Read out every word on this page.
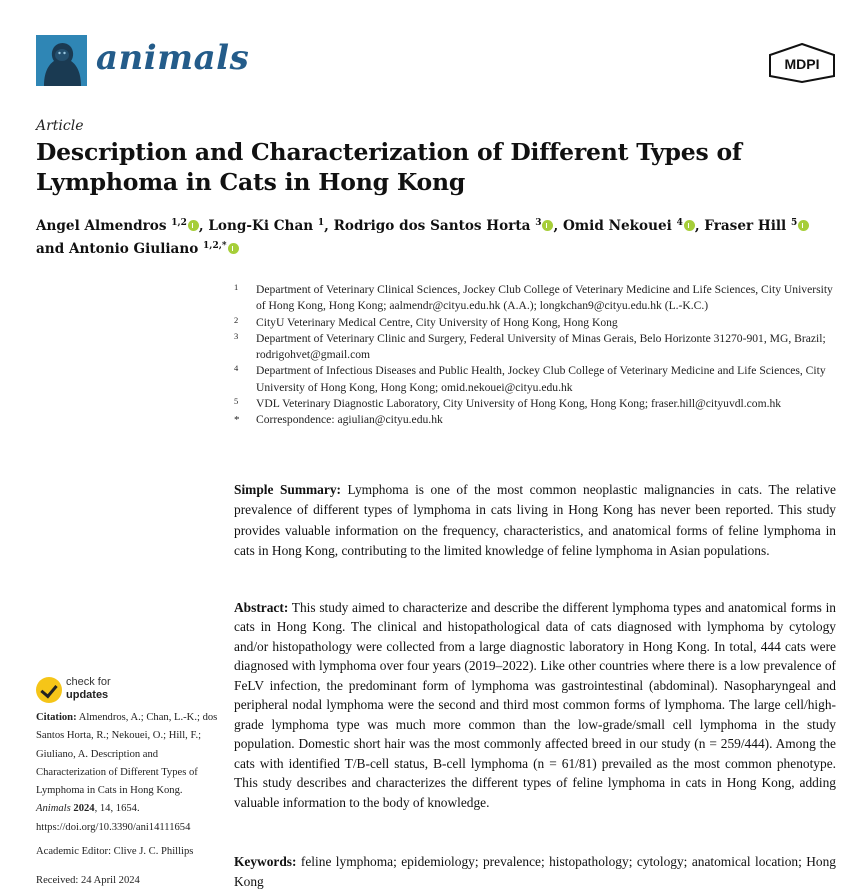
animals	MDPI
Article
Description and Characterization of Different Types of Lymphoma in Cats in Hong Kong
Angel Almendros $^{1,2}$ , Long-Ki Chan $^1$, Rodrigo dos Santos Horta $^3$ , Omid Nekouei $^4$ , Fraser Hill $^5$
and Antonio Giuliano $^{1,2,*}$
1 Department of Veterinary Clinical Sciences, Jockey Club College of Veterinary Medicine and Life Sciences, City University of Hong Kong, Hong Kong; aalmendr@cityu.edu.hk (A.A.); longkchan9@cityu.edu.hk (L.-K.C.)
2 CityU Veterinary Medical Centre, City University of Hong Kong, Hong Kong
3 Department of Veterinary Clinic and Surgery, Federal University of Minas Gerais, Belo Horizonte 31270-901, MG, Brazil; rodrigohvet@gmail.com
4 Department of Infectious Diseases and Public Health, Jockey Club College of Veterinary Medicine and Life Sciences, City University of Hong Kong, Hong Kong; omid.nekouei@cityu.edu.hk
5 VDL Veterinary Diagnostic Laboratory, City University of Hong Kong, Hong Kong; fraser.hill@cityuvdl.com.hk
* Correspondence: agiulian@cityu.edu.hk
Simple Summary: Lymphoma is one of the most common neoplastic malignancies in cats. The relative prevalence of different types of lymphoma in cats living in Hong Kong has never been reported. This study provides valuable information on the frequency, characteristics, and anatomical forms of feline lymphoma in cats in Hong Kong, contributing to the limited knowledge of feline lymphoma in Asian populations.
Abstract: This study aimed to characterize and describe the different lymphoma types and anatomical forms in cats in Hong Kong. The clinical and histopathological data of cats diagnosed with lymphoma by cytology and/or histopathology were collected from a large diagnostic laboratory in Hong Kong. In total, 444 cats were diagnosed with lymphoma over four years (2019–2022). Like other countries where there is a low prevalence of FeLV infection, the predominant form of lymphoma was gastrointestinal (abdominal). Nasopharyngeal and peripheral nodal lymphoma were the second and third most common forms of lymphoma. The large cell/high-grade lymphoma type was much more common than the low-grade/small cell lymphoma in the study population. Domestic short hair was the most commonly affected breed in our study (n = 259/444). Among the cats with identified T/B-cell status, B-cell lymphoma (n = 61/81) prevailed as the most common phenotype. This study describes and characterizes the different types of feline lymphoma in cats in Hong Kong, adding valuable information to the body of knowledge.
Keywords: feline lymphoma; epidemiology; prevalence; histopathology; cytology; anatomical location; Hong Kong
check for
updates
Citation: Almendros, A.; Chan, L.-K.; dos Santos Horta, R.; Nekouei, O.; Hill, F.; Giuliano, A. Description and Characterization of Different Types of Lymphoma in Cats in Hong Kong. Animals 2024, 14, 1654. https://doi.org/10.3390/ani14111654
Academic Editor: Clive J. C. Phillips
Received: 24 April 2024
